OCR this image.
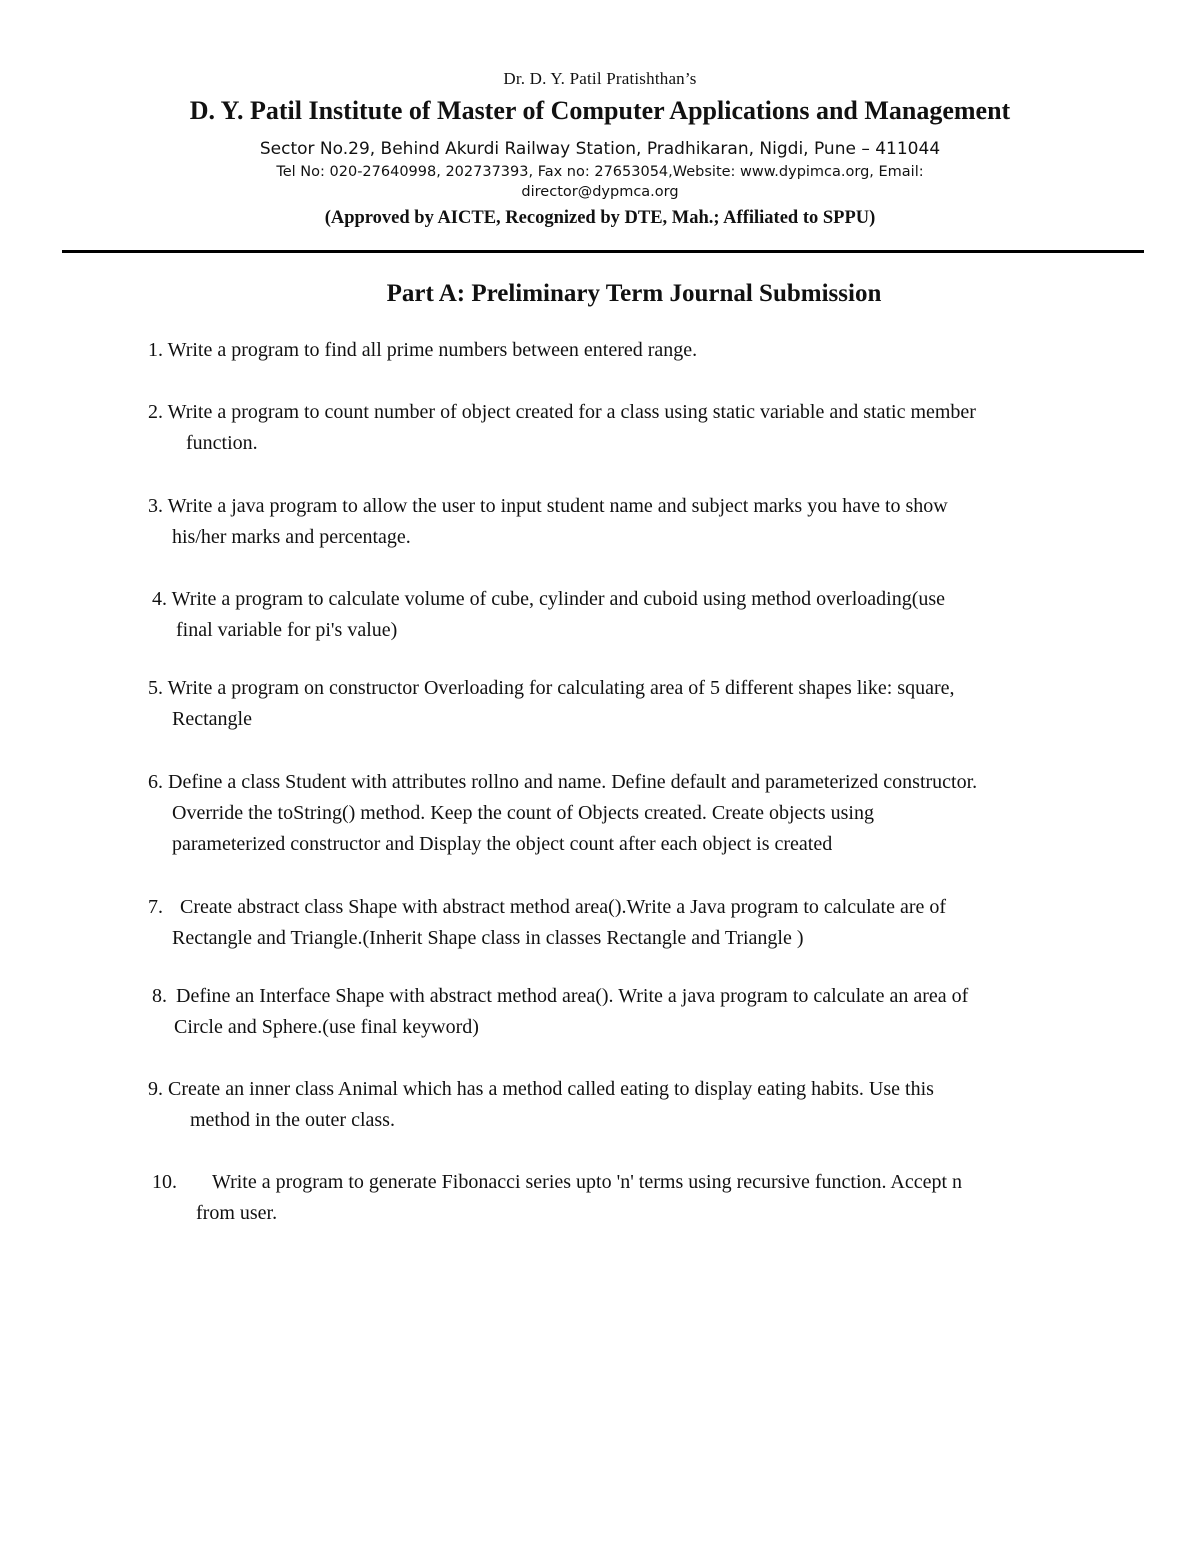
Dr. D. Y. Patil Pratishthan’s
D. Y. Patil Institute of Master of Computer Applications and Management
Sector No.29, Behind Akurdi Railway Station, Pradhikaran, Nigdi, Pune – 411044
Tel No: 020-27640998, 202737393, Fax no: 27653054,Website: www.dypimca.org, Email: director@dypmca.org
(Approved by AICTE, Recognized by DTE, Mah.; Affiliated to SPPU)
Part A: Preliminary Term Journal Submission
1. Write a program to find all prime numbers between entered range.
2. Write a program to count number of object created for a class using static variable and static member
function.
3. Write a java program to allow the user to input student name and subject marks you have to show
his/her marks and percentage.
4. Write a program to calculate volume of cube, cylinder and cuboid using method overloading(use
final variable for pi's value)
5. Write a program on constructor Overloading for calculating area of 5 different shapes like: square,
Rectangle
6. Define a class Student with attributes rollno and name. Define default and parameterized constructor.
Override the toString() method. Keep the count of Objects created. Create objects using
parameterized constructor and Display the object count after each object is created
7. Create abstract class Shape with abstract method area().Write a Java program to calculate are of
Rectangle and Triangle.(Inherit Shape class in classes Rectangle and Triangle )
8. Define an Interface Shape with abstract method area(). Write a java program to calculate an area of
Circle and Sphere.(use final keyword)
9. Create an inner class Animal which has a method called eating to display eating habits. Use this
method in the outer class.
10. Write a program to generate Fibonacci series upto 'n' terms using recursive function. Accept n
from user.
